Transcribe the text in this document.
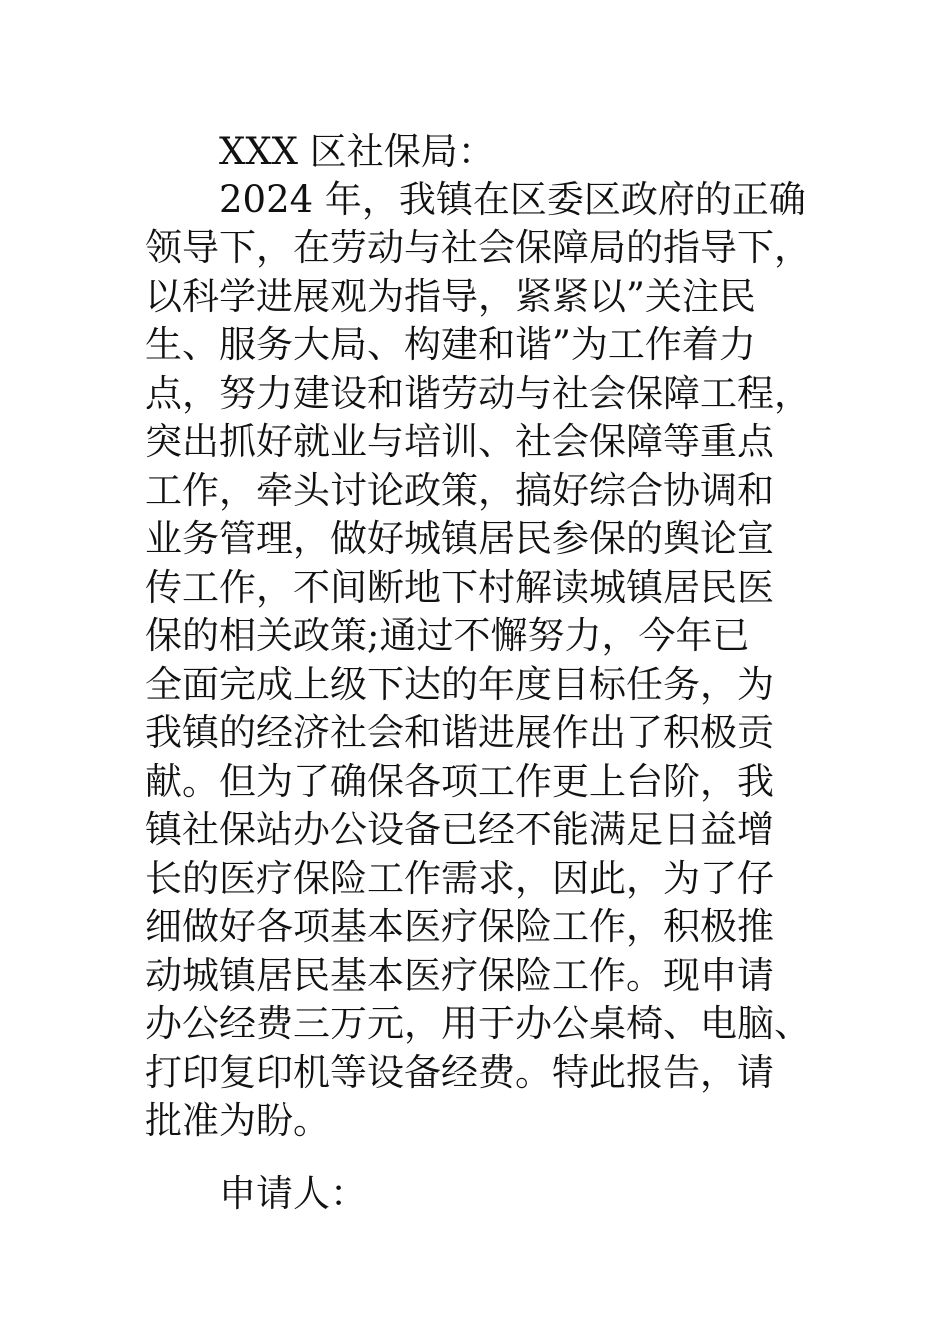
XXX 区社保局：
2024 年，我镇在区委区政府的正确
领导下，在劳动与社会保障局的指导下，
以科学进展观为指导，紧紧以”关注民
生、服务大局、构建和谐”为工作着力
点，努力建设和谐劳动与社会保障工程，
突出抓好就业与培训、社会保障等重点
工作，牵头讨论政策，搞好综合协调和
业务管理，做好城镇居民参保的舆论宣
传工作，不间断地下村解读城镇居民医
保的相关政策;通过不懈努力，今年已
全面完成上级下达的年度目标任务，为
我镇的经济社会和谐进展作出了积极贡
献。但为了确保各项工作更上台阶，我
镇社保站办公设备已经不能满足日益增
长的医疗保险工作需求，因此，为了仔
细做好各项基本医疗保险工作，积极推
动城镇居民基本医疗保险工作。现申请
办公经费三万元，用于办公桌椅、电脑、
打印复印机等设备经费。特此报告，请
批准为盼。
申请人：
